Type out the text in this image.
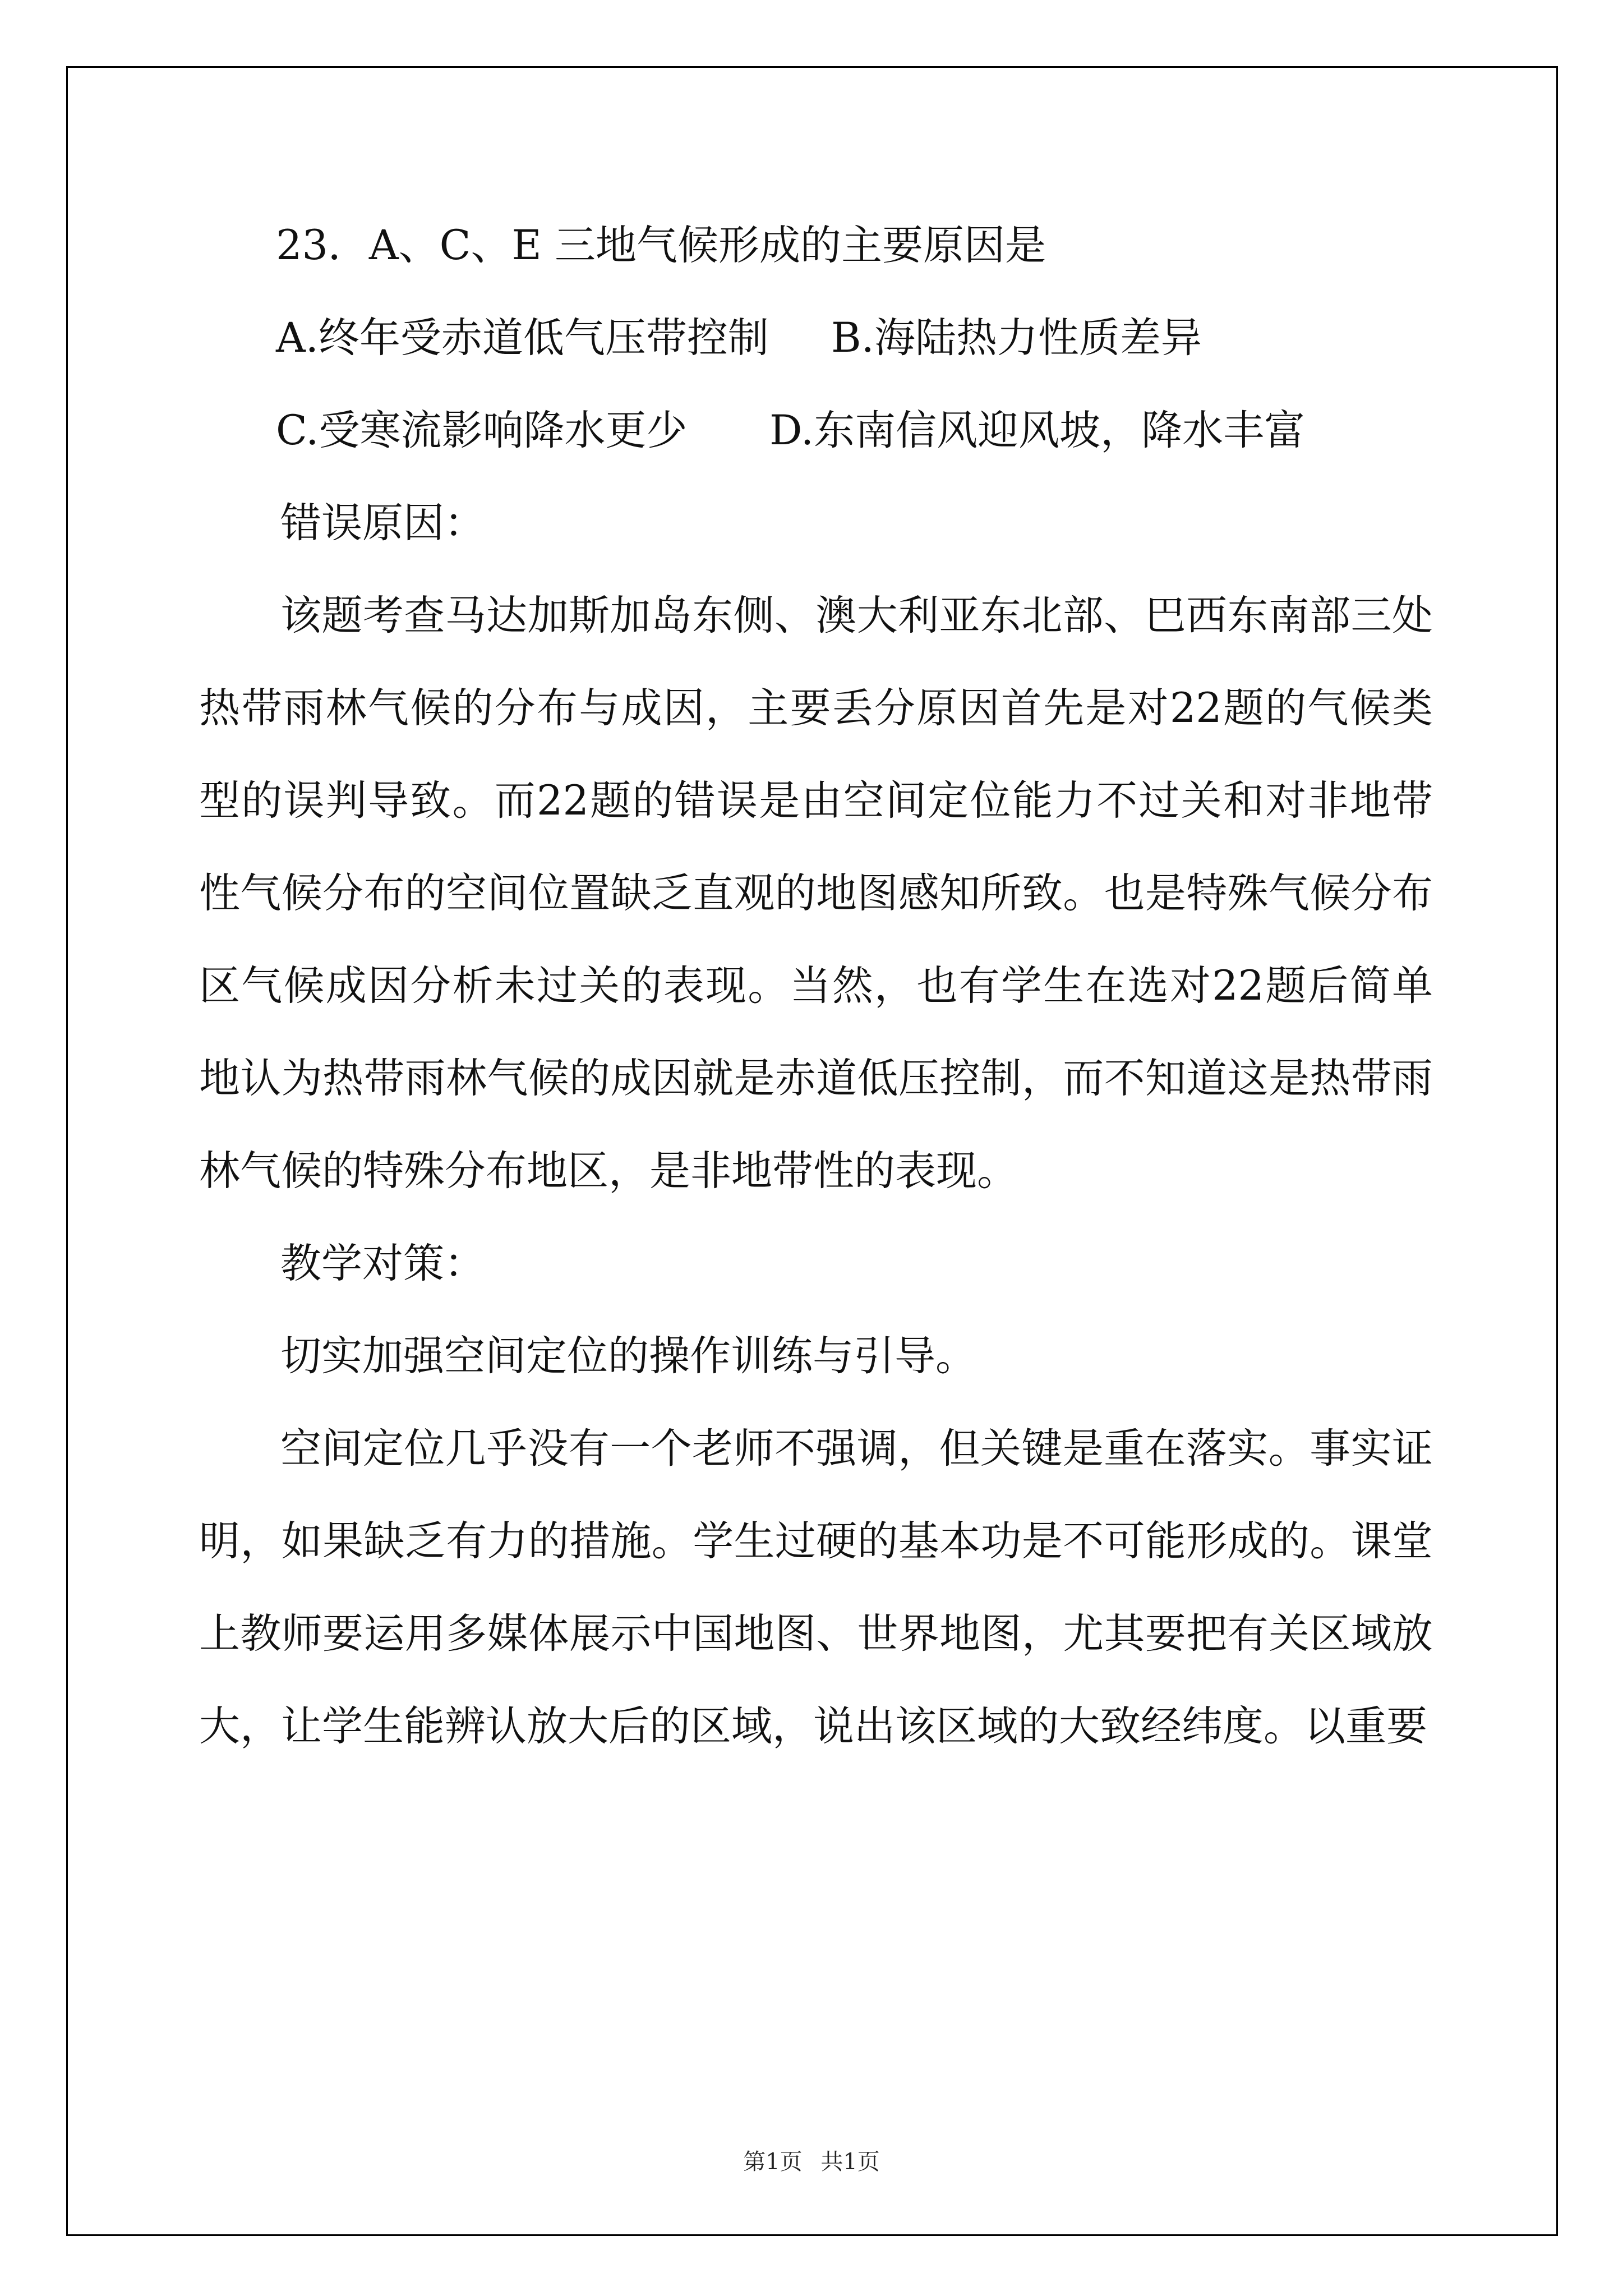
23．A、C、E 三地气候形成的主要原因是
A.终年受赤道低气压带控制	B.海陆热力性质差异
C.受寒流影响降水更少	D.东南信风迎风坡，降水丰富
错误原因：

该题考查马达加斯加岛东侧、澳大利亚东北部、巴西东南部三处热带雨林气候的分布与成因，主要丢分原因首先是对22题的气候类型的误判导致。而22题的错误是由空间定位能力不过关和对非地带性气候分布的空间位置缺乏直观的地图感知所致。也是特殊气候分布区气候成因分析未过关的表现。当然，也有学生在选对22题后简单地认为热带雨林气候的成因就是赤道低压控制，而不知道这是热带雨林气候的特殊分布地区，是非地带性的表现。

教学对策：

切实加强空间定位的操作训练与引导。

空间定位几乎没有一个老师不强调，但关键是重在落实。事实证明，如果缺乏有力的措施。学生过硬的基本功是不可能形成的。课堂上教师要运用多媒体展示中国地图、世界地图，尤其要把有关区域放大，让学生能辨认放大后的区域，说出该区域的大致经纬度。以重要

第1页 共1页
